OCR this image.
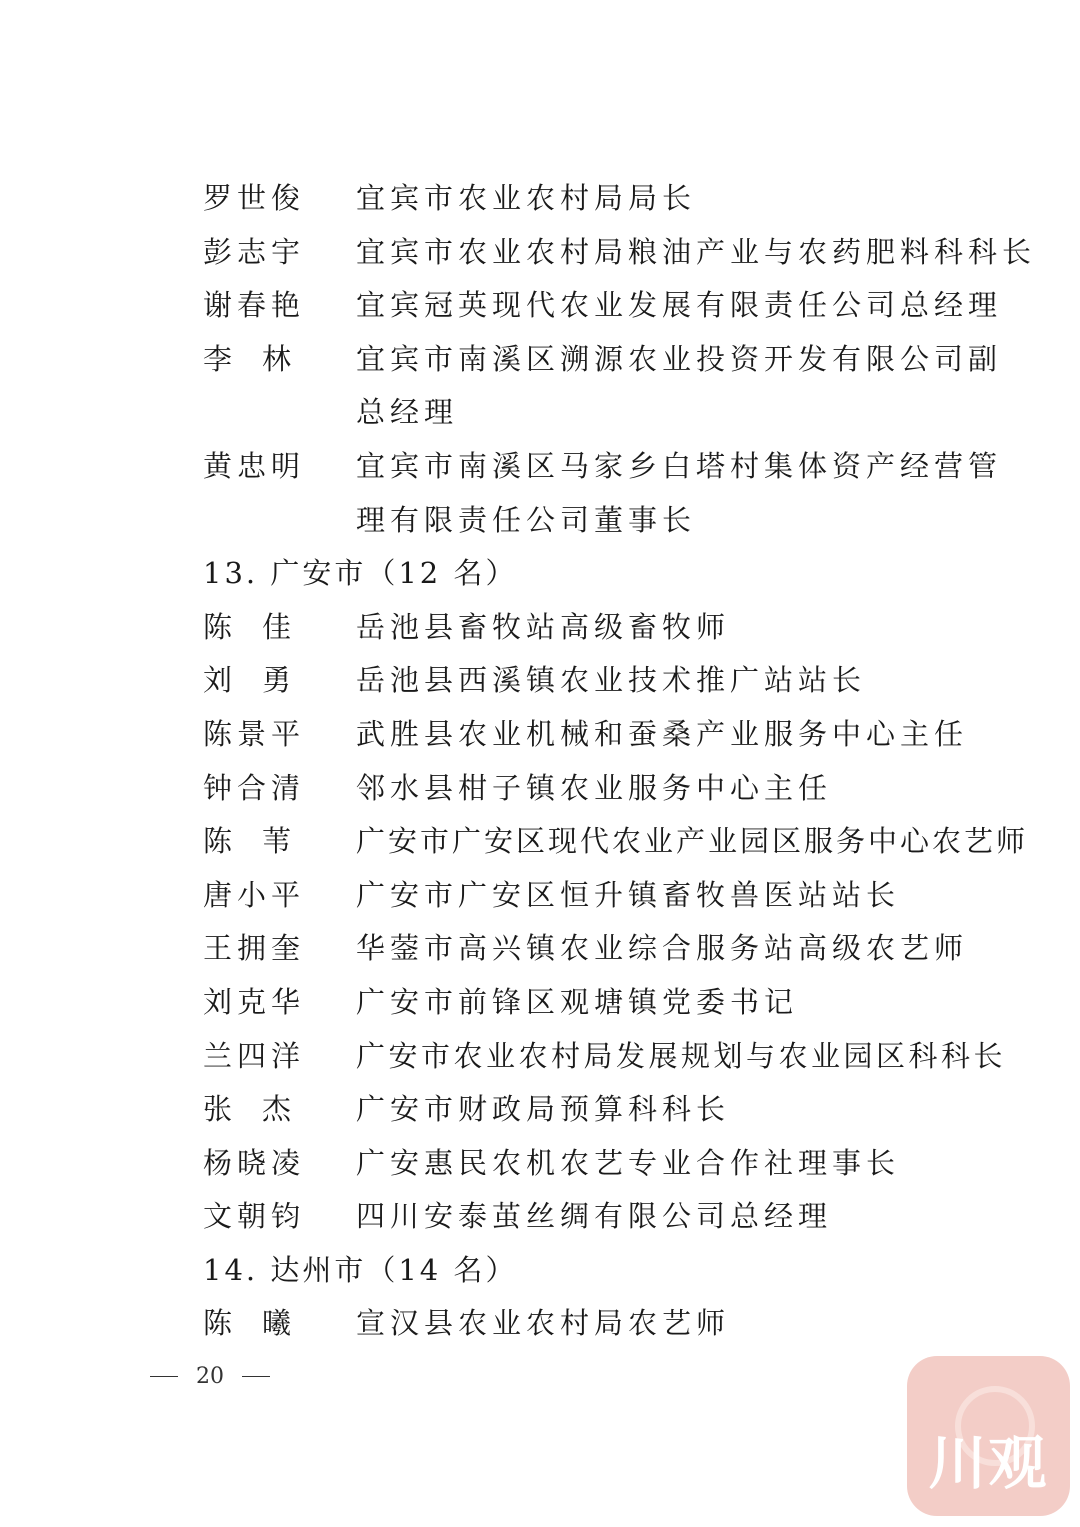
罗世俊	宜宾市农业农村局局长
彭志宇	宜宾市农业农村局粮油产业与农药肥料科科长
谢春艳	宜宾冠英现代农业发展有限责任公司总经理
李林	宜宾市南溪区溯源农业投资开发有限公司副
总经理
黄忠明	宜宾市南溪区马家乡白塔村集体资产经营管
理有限责任公司董事长
13. 广安市（12 名）
陈佳	岳池县畜牧站高级畜牧师
刘勇	岳池县西溪镇农业技术推广站站长
陈景平	武胜县农业机械和蚕桑产业服务中心主任
钟合清	邻水县柑子镇农业服务中心主任
陈苇	广安市广安区现代农业产业园区服务中心农艺师
唐小平	广安市广安区恒升镇畜牧兽医站站长
王拥奎	华蓥市高兴镇农业综合服务站高级农艺师
刘克华	广安市前锋区观塘镇党委书记
兰四洋	广安市农业农村局发展规划与农业园区科科长
张杰	广安市财政局预算科科长
杨晓凌	广安惠民农机农艺专业合作社理事长
文朝钧	四川安泰茧丝绸有限公司总经理
14. 达州市（14 名）
陈曦	宣汉县农业农村局农艺师
20
川观
